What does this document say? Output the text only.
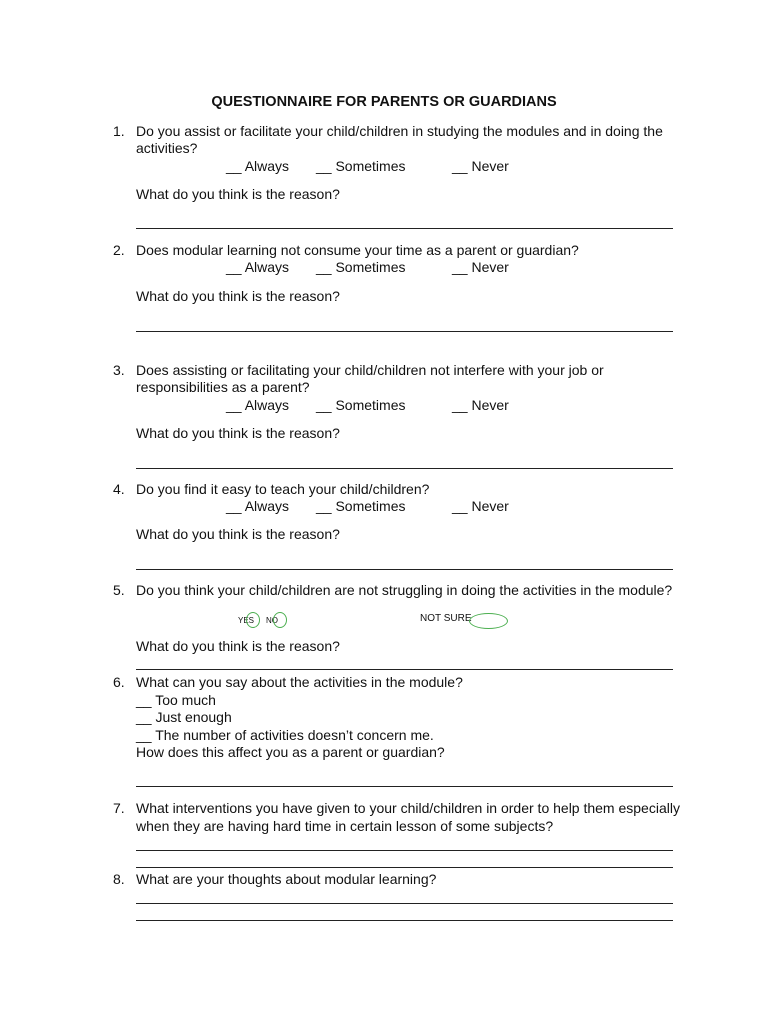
QUESTIONNAIRE FOR PARENTS OR GUARDIANS
1. Do you assist or facilitate your child/children in studying the modules and in doing the
activities?
__ Always __ Sometimes	__ Never
What do you think is the reason?
2. Does modular learning not consume your time as a parent or guardian?
__ Always __ Sometimes	__ Never
What do you think is the reason?
3. Does assisting or facilitating your child/children not interfere with your job or
responsibilities as a parent?
__ Always __ Sometimes	__ Never
What do you think is the reason?
4. Do you find it easy to teach your child/children?
__ Always __ Sometimes	__ Never
What do you think is the reason?
5. Do you think your child/children are not struggling in doing the activities in the module?
YES NO	NOT SURE
What do you think is the reason?
6. What can you say about the activities in the module?
__ Too much
__ Just enough
__ The number of activities doesn’t concern me.
How does this affect you as a parent or guardian?
7. What interventions you have given to your child/children in order to help them especially
when they are having hard time in certain lesson of some subjects?
8. What are your thoughts about modular learning?
